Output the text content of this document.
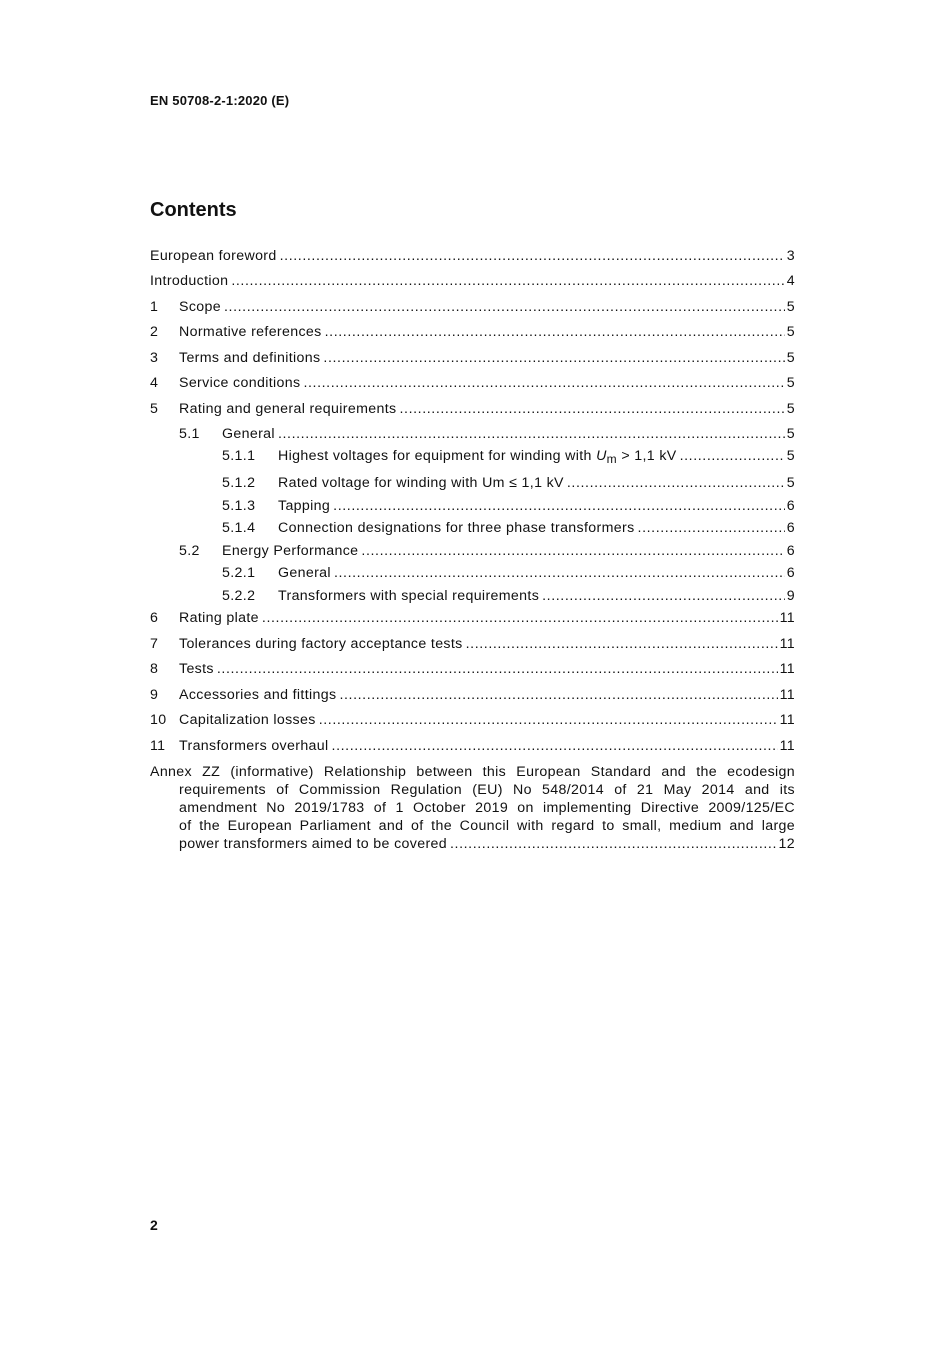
EN 50708-2-1:2020 (E)
Contents
European foreword .....	3
Introduction .....	4
1	Scope .....	5
2	Normative references .....	5
3	Terms and definitions .....	5
4	Service conditions .....	5
5	Rating and general requirements .....	5
5.1	General .....	5
5.1.1	Highest voltages for equipment for winding with $U_m > 1,1$ kV .....	5
5.1.2	Rated voltage for winding with Um ≤ 1,1 kV .....	5
5.1.3	Tapping .....	6
5.1.4	Connection designations for three phase transformers .....	6
5.2	Energy Performance .....	6
5.2.1	General .....	6
5.2.2	Transformers with special requirements .....	9
6	Rating plate .....	11
7	Tolerances during factory acceptance tests .....	11
8	Tests .....	11
9	Accessories and fittings .....	11
10 Capitalization losses .....	11
11 Transformers overhaul .....	11
Annex ZZ (informative) Relationship between this European Standard and the ecodesign
requirements of Commission Regulation (EU) No 548/2014 of 21 May 2014 and its
amendment No 2019/1783 of 1 October 2019 on implementing Directive 2009/125/EC
of the European Parliament and of the Council with regard to small, medium and large
power transformers aimed to be covered .....	12
2
